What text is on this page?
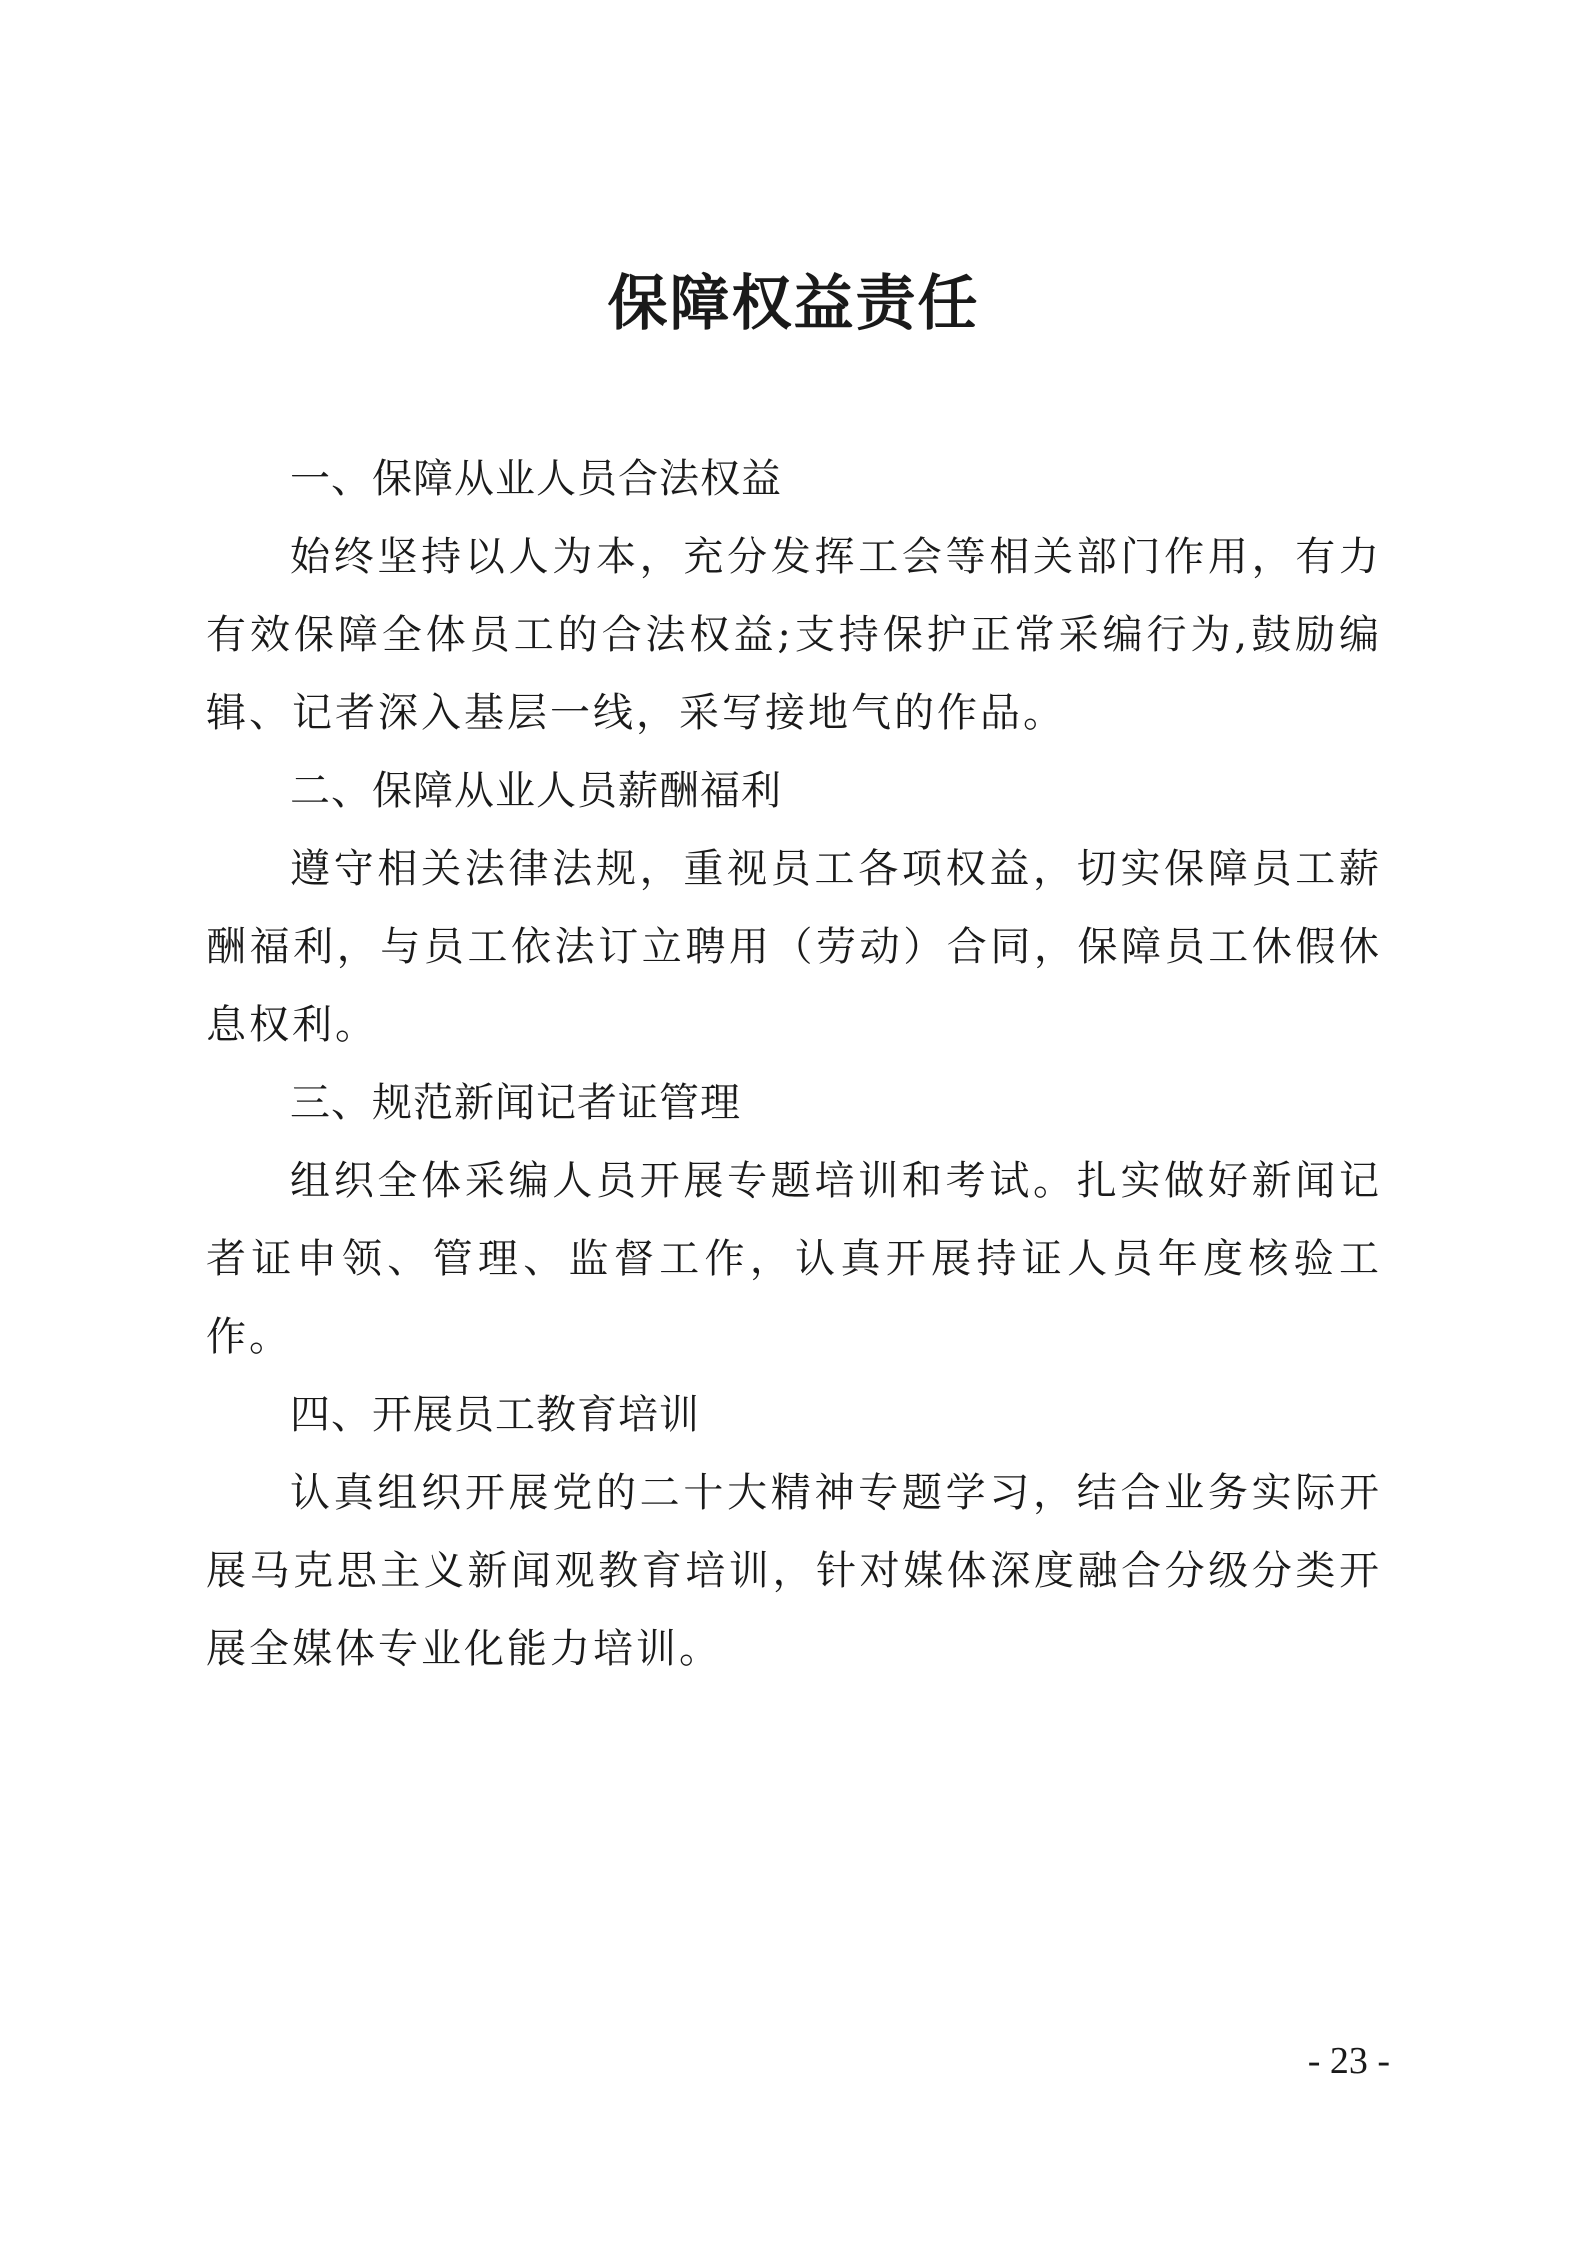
保障权益责任

一、保障从业人员合法权益

始终坚持以人为本，充分发挥工会等相关部门作用，有力有效保障全体员工的合法权益;支持保护正常采编行为,鼓励编辑、记者深入基层一线，采写接地气的作品。

二、保障从业人员薪酬福利

遵守相关法律法规，重视员工各项权益，切实保障员工薪酬福利，与员工依法订立聘用（劳动）合同，保障员工休假休息权利。

三、规范新闻记者证管理

组织全体采编人员开展专题培训和考试。扎实做好新闻记者证申领、管理、监督工作，认真开展持证人员年度核验工作。

四、开展员工教育培训

认真组织开展党的二十大精神专题学习，结合业务实际开展马克思主义新闻观教育培训，针对媒体深度融合分级分类开展全媒体专业化能力培训。

- 23 -
